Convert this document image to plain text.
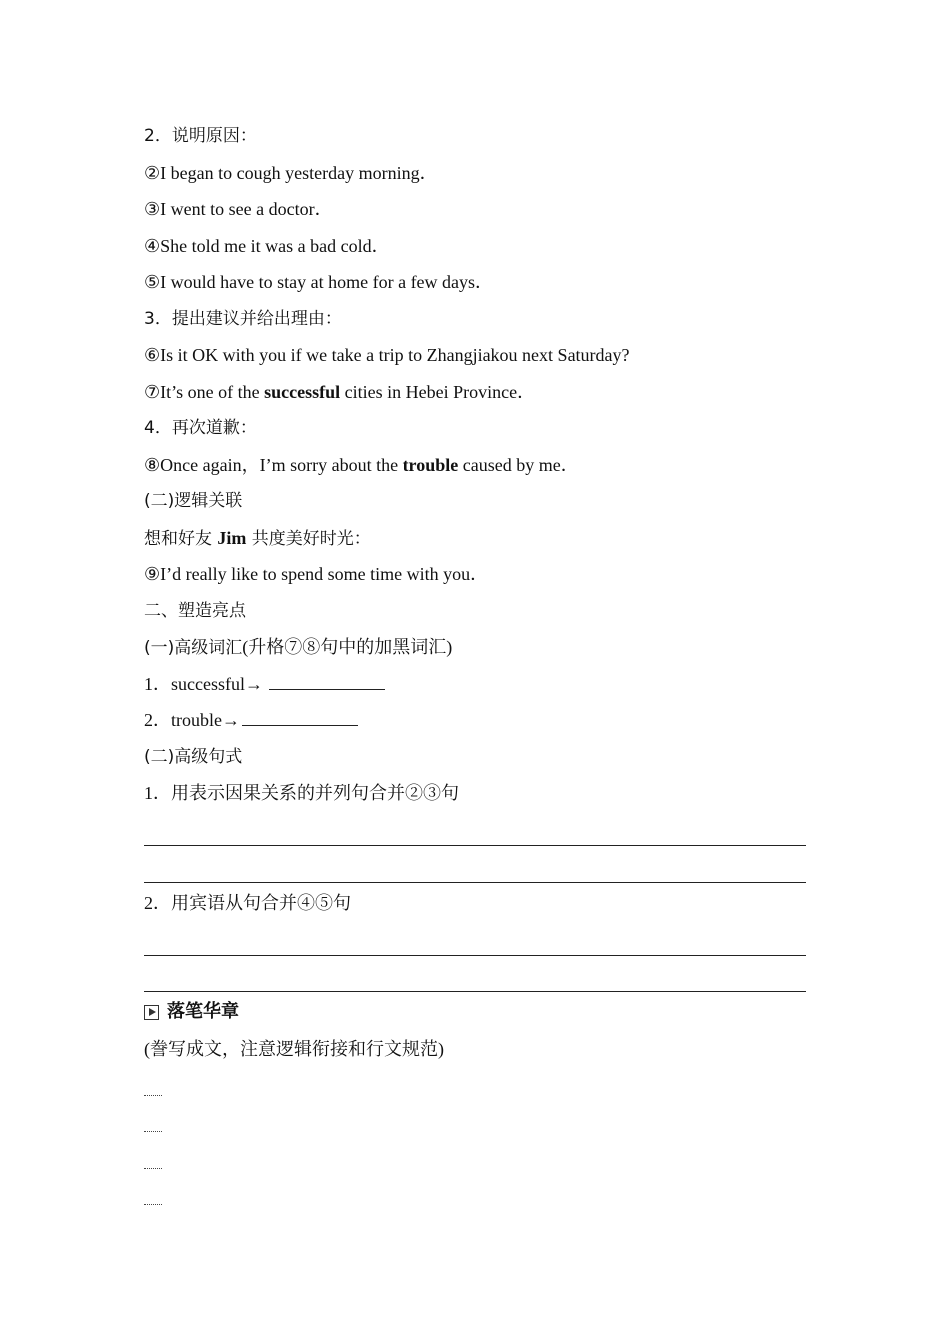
2．说明原因：
②I began to cough yesterday morning．
③I went to see a doctor．
④She told me it was a bad cold．
⑤I would have to stay at home for a few days．
3．提出建议并给出理由：
⑥Is it OK with you if we take a trip to Zhangjiakou next Saturday?
⑦It’s one of the successful cities in Hebei Province．
4．再次道歉：
⑧Once again，I’m sorry about the trouble caused by me．
(二)逻辑关联
想和好友 Jim 共度美好时光：
⑨I’d really like to spend some time with you．
二、塑造亮点
(一)高级词汇(升格⑦⑧句中的加黑词汇)
1．successful→
2．trouble→
(二)高级句式
1．用表示因果关系的并列句合并②③句
2．用宾语从句合并④⑤句
落笔华章
(誊写成文，注意逻辑衔接和行文规范)
